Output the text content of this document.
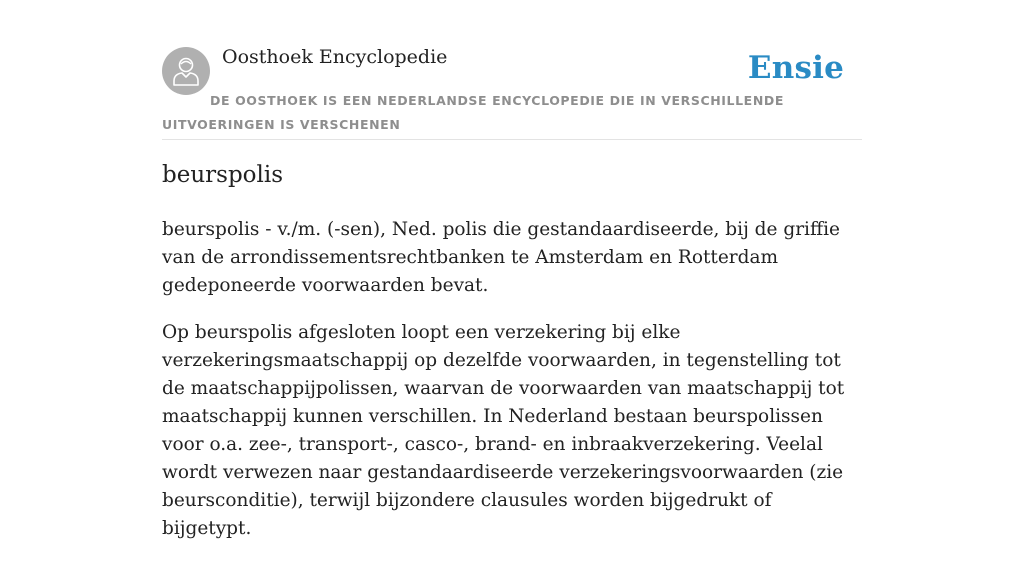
Oosthoek Encyclopedie	Ensie
DE OOSTHOEK IS EEN NEDERLANDSE ENCYCLOPEDIE DIE IN VERSCHILLENDE UITVOERINGEN IS VERSCHENEN
beurspolis

beurspolis - v./m. (-sen), Ned. polis die gestandaardiseerde, bij de griffie van de arrondissementsrechtbanken te Amsterdam en Rotterdam gedeponeerde voorwaarden bevat.

Op beurspolis afgesloten loopt een verzekering bij elke verzekeringsmaatschappij op dezelfde voorwaarden, in tegenstelling tot de maatschappijpolissen, waarvan de voorwaarden van maatschappij tot maatschappij kunnen verschillen. In Nederland bestaan beurspolissen voor o.a. zee-, transport-, casco-, brand- en inbraakverzekering. Veelal wordt verwezen naar gestandaardiseerde verzekeringsvoorwaarden (zie beursconditie), terwijl bijzondere clausules worden bijgedrukt of bijgetypt.
